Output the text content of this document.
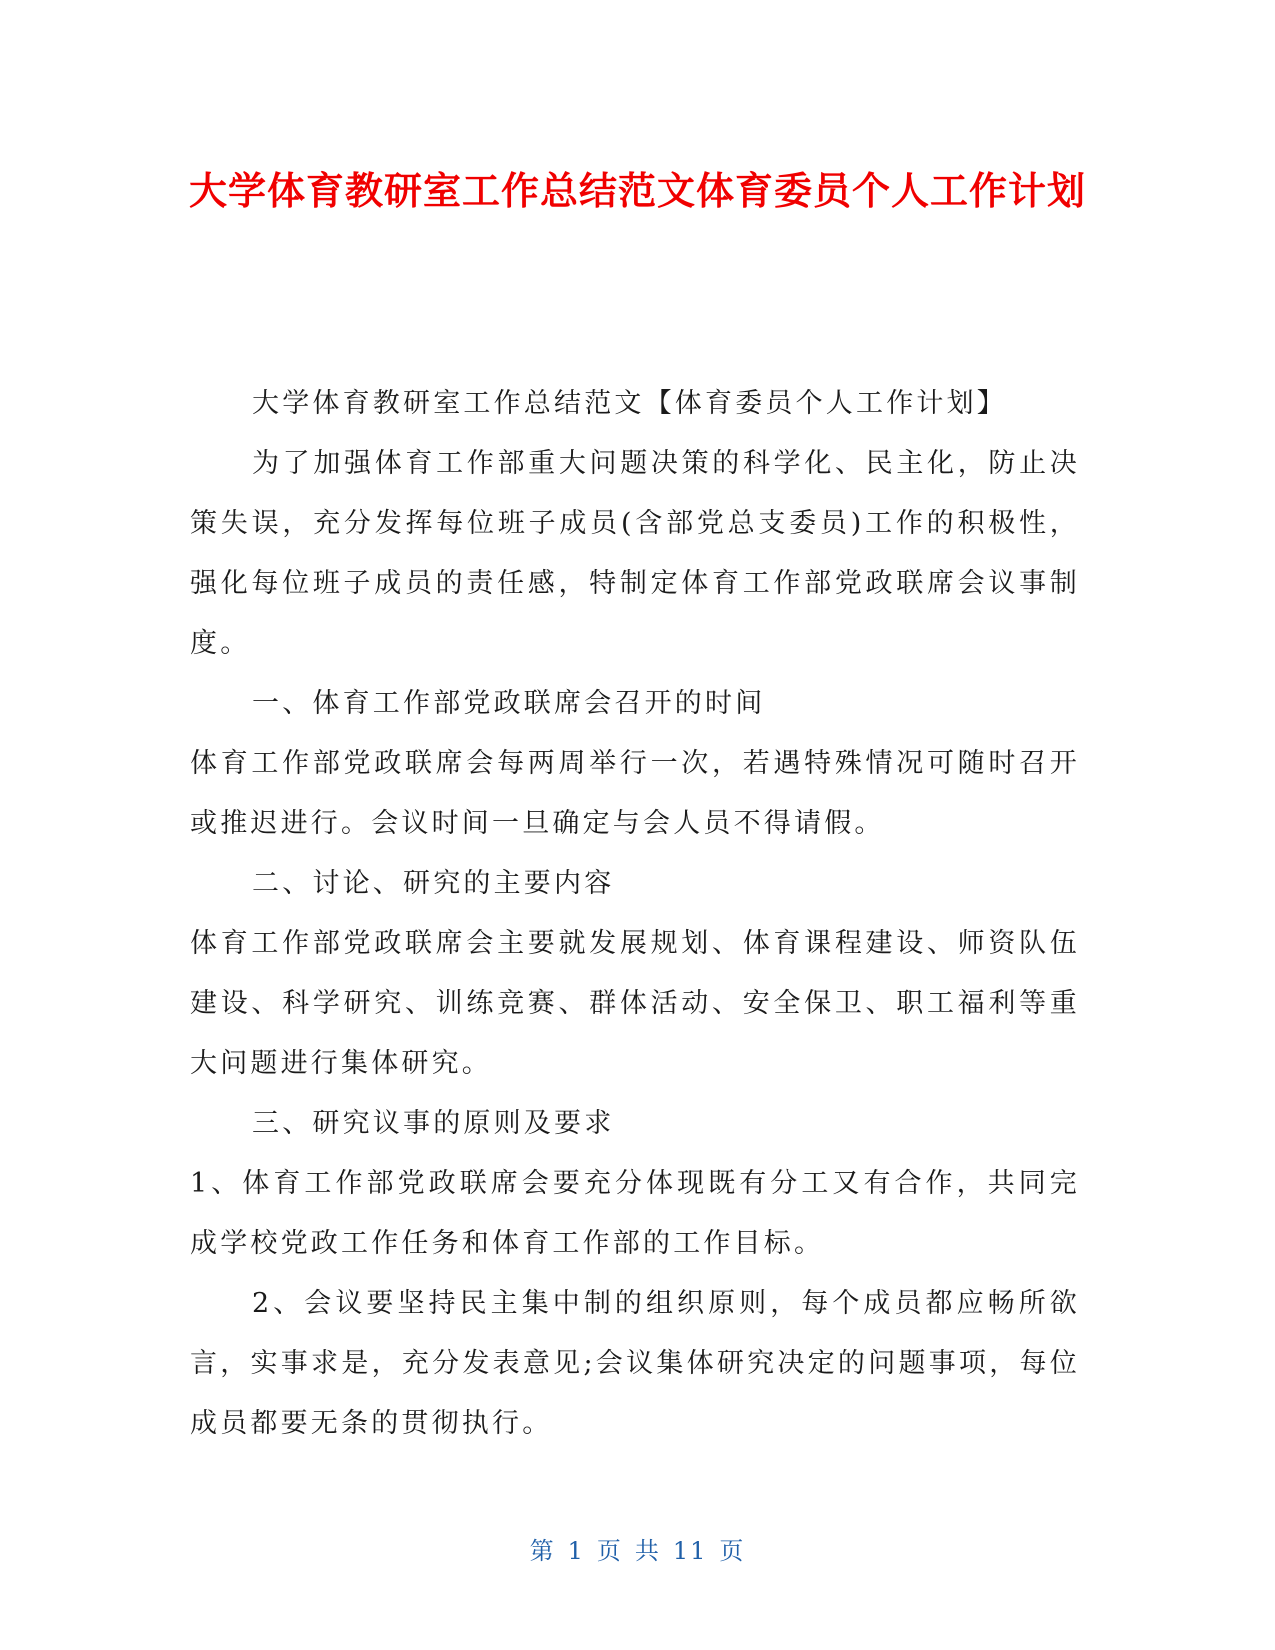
大学体育教研室工作总结范文体育委员个人工作计划

大学体育教研室工作总结范文【体育委员个人工作计划】

为了加强体育工作部重大问题决策的科学化、民主化，防止决策失误，充分发挥每位班子成员(含部党总支委员)工作的积极性，强化每位班子成员的责任感，特制定体育工作部党政联席会议事制度。

一、体育工作部党政联席会召开的时间

体育工作部党政联席会每两周举行一次，若遇特殊情况可随时召开或推迟进行。会议时间一旦确定与会人员不得请假。

二、讨论、研究的主要内容

体育工作部党政联席会主要就发展规划、体育课程建设、师资队伍建设、科学研究、训练竞赛、群体活动、安全保卫、职工福利等重大问题进行集体研究。

三、研究议事的原则及要求

1、体育工作部党政联席会要充分体现既有分工又有合作，共同完成学校党政工作任务和体育工作部的工作目标。

2、会议要坚持民主集中制的组织原则，每个成员都应畅所欲言，实事求是，充分发表意见;会议集体研究决定的问题事项，每位成员都要无条的贯彻执行。

第 1 页 共 11 页
